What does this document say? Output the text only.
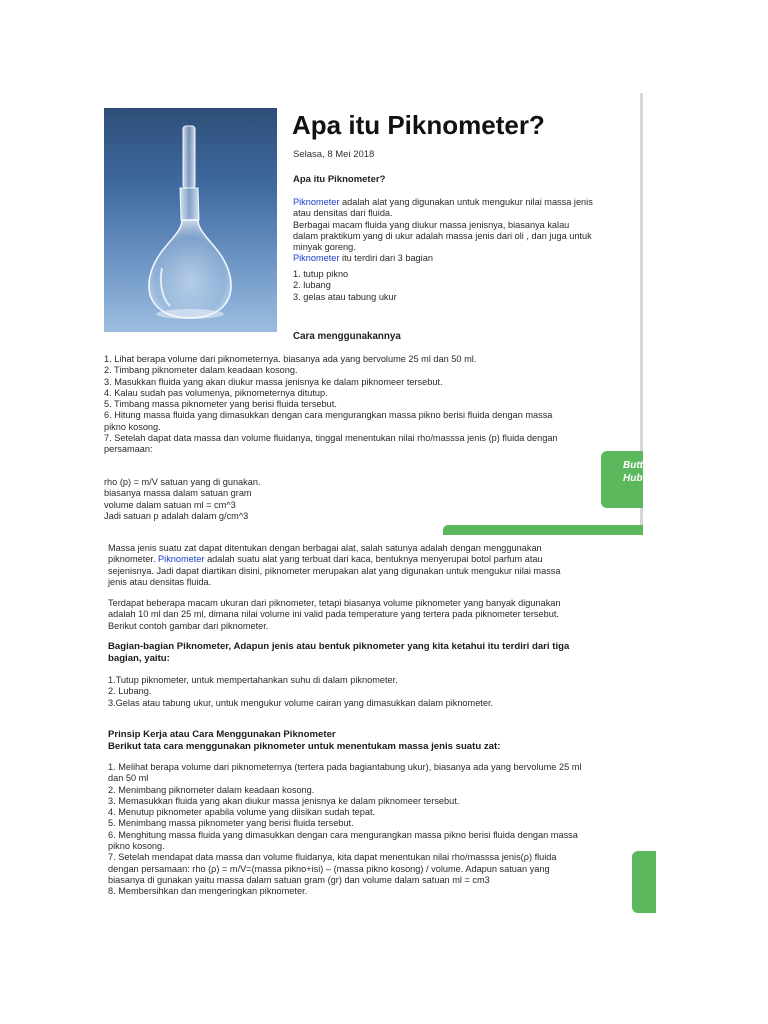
Apa itu Piknometer?
Selasa, 8 Mei 2018
Apa itu Piknometer?

Piknometer adalah alat yang digunakan untuk mengukur nilai massa jenis

atau densitas dari fluida.

Berbagai macam fluida yang diukur massa jenisnya, biasanya kalau

dalam praktikum yang di ukur adalah massa jenis dari oli , dan juga untuk

minyak goreng.

Piknometer itu terdiri dari 3 bagian

1. tutup pikno
2. lubang
3. gelas atau tabung ukur
Cara menggunakannya
1. Lihat berapa volume dari piknometernya. biasanya ada yang bervolume 25 ml dan 50 ml.
2. Timbang piknometer dalam keadaan kosong.
3. Masukkan fluida yang akan diukur massa jenisnya ke dalam piknomeer tersebut.
4. Kalau sudah pas volumenya, piknometernya ditutup.
5. Timbang massa piknometer yang berisi fluida tersebut.
6. Hitung massa fluida yang dimasukkan dengan cara mengurangkan massa pikno berisi fluida dengan massa
pikno kosong.
7. Setelah dapat data massa dan volume fluidanya, tinggal menentukan nilai rho/masssa jenis (p) fluida dengan
persamaan:
rho (p) = m/V satuan yang di gunakan.
biasanya massa dalam satuan gram
volume dalam satuan ml = cm^3
Jadi satuan p adalah dalam g/cm^3
Butt
Hub
Massa jenis suatu zat dapat ditentukan dengan berbagai alat, salah satunya adalah dengan menggunakan
piknometer. Piknometer adalah suatu alat yang terbuat dari kaca, bentuknya menyerupai botol parfum atau
sejenisnya. Jadi dapat diartikan disini, piknometer merupakan alat yang digunakan untuk mengukur nilai massa
jenis atau densitas fluida.
Terdapat beberapa macam ukuran dari piknometer, tetapi biasanya volume piknometer yang banyak digunakan
adalah 10 ml dan 25 ml, dimana nilai volume ini valid pada temperature yang tertera pada piknometer tersebut.
Berikut contoh gambar dari piknometer.
Bagian-bagian Piknometer, Adapun jenis atau bentuk piknometer yang kita ketahui itu terdiri dari tiga
bagian, yaitu:
1.Tutup piknometer, untuk mempertahankan suhu di dalam piknometer.
2. Lubang.
3.Gelas atau tabung ukur, untuk mengukur volume cairan yang dimasukkan dalam piknometer.
Prinsip Kerja atau Cara Menggunakan Piknometer
Berikut tata cara menggunakan piknometer untuk menentukam massa jenis suatu zat:
1. Melihat berapa volume dari piknometernya (tertera pada bagiantabung ukur), biasanya ada yang bervolume 25 ml
dan 50 ml
2. Menimbang piknometer dalam keadaan kosong.
3. Memasukkan fluida yang akan diukur massa jenisnya ke dalam piknomeer tersebut.
4. Menutup piknometer apabila volume yang diisikan sudah tepat.
5. Menimbang massa piknometer yang berisi fluida tersebut.
6. Menghitung massa fluida yang dimasukkan dengan cara mengurangkan massa pikno berisi fluida dengan massa
pikno kosong.
7. Setelah mendapat data massa dan volume fluidanya, kita dapat menentukan nilai rho/masssa jenis(ρ) fluida
dengan persamaan: rho (ρ) = m/V=(massa pikno+isi) – (massa pikno kosong) / volume. Adapun satuan yang
biasanya di gunakan yaitu massa dalam satuan gram (gr) dan volume dalam satuan ml = cm3
8. Membersihkan dan mengeringkan piknometer.
